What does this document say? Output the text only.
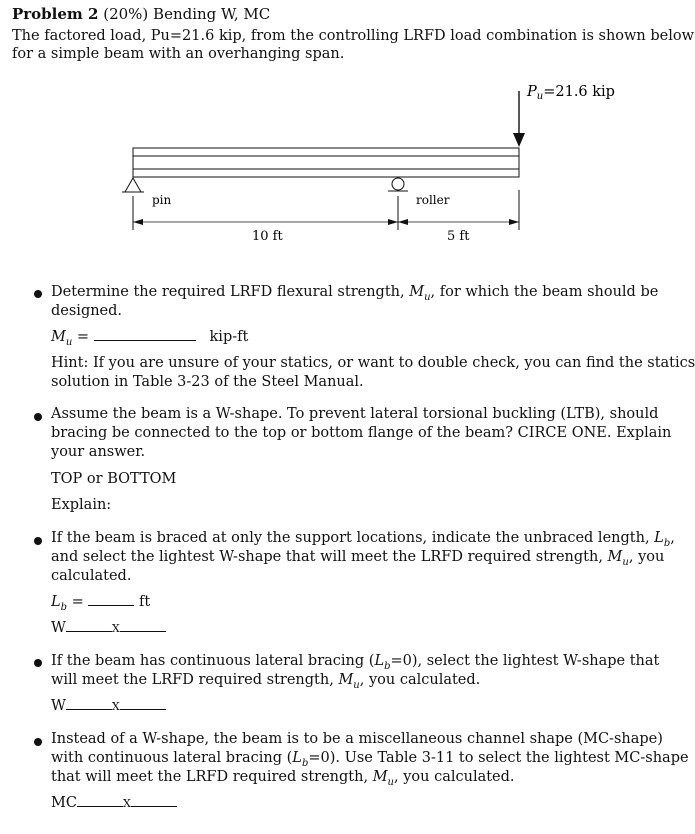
Problem 2 (20%) Bending W, MC
The factored load, Pu=21.6 kip, from the controlling LRFD load combination is shown below
for a simple beam with an overhanging span.
$P_u=21.6$ kip
pin	roller
10 ft	5 ft
Determine the required LRFD flexural strength, $M_u$, for which the beam should be
designed.
$M_u$ =	kip-ft
Hint: If you are unsure of your statics, or want to double check, you can find the statics
solution in Table 3-23 of the Steel Manual.
Assume the beam is a W-shape. To prevent lateral torsional buckling (LTB), should
bracing be connected to the top or bottom flange of the beam? CIRCE ONE. Explain
your answer.
TOP or BOTTOM
Explain:
If the beam is braced at only the support locations, indicate the unbraced length, $L_b$,
and select the lightest W-shape that will meet the LRFD required strength, $M_u$, you
calculated.
$L_b$ =	ft
W	X
If the beam has continuous lateral bracing $(L_b=0)$, select the lightest W-shape that
will meet the LRFD required strength, $M_u$, you calculated.
W	X
Instead of a W-shape, the beam is to be a miscellaneous channel shape (MC-shape)
with continuous lateral bracing $(L_b=0)$. Use Table 3-11 to select the lightest MC-shape
that will meet the LRFD required strength, $M_u$, you calculated.
MC	X
